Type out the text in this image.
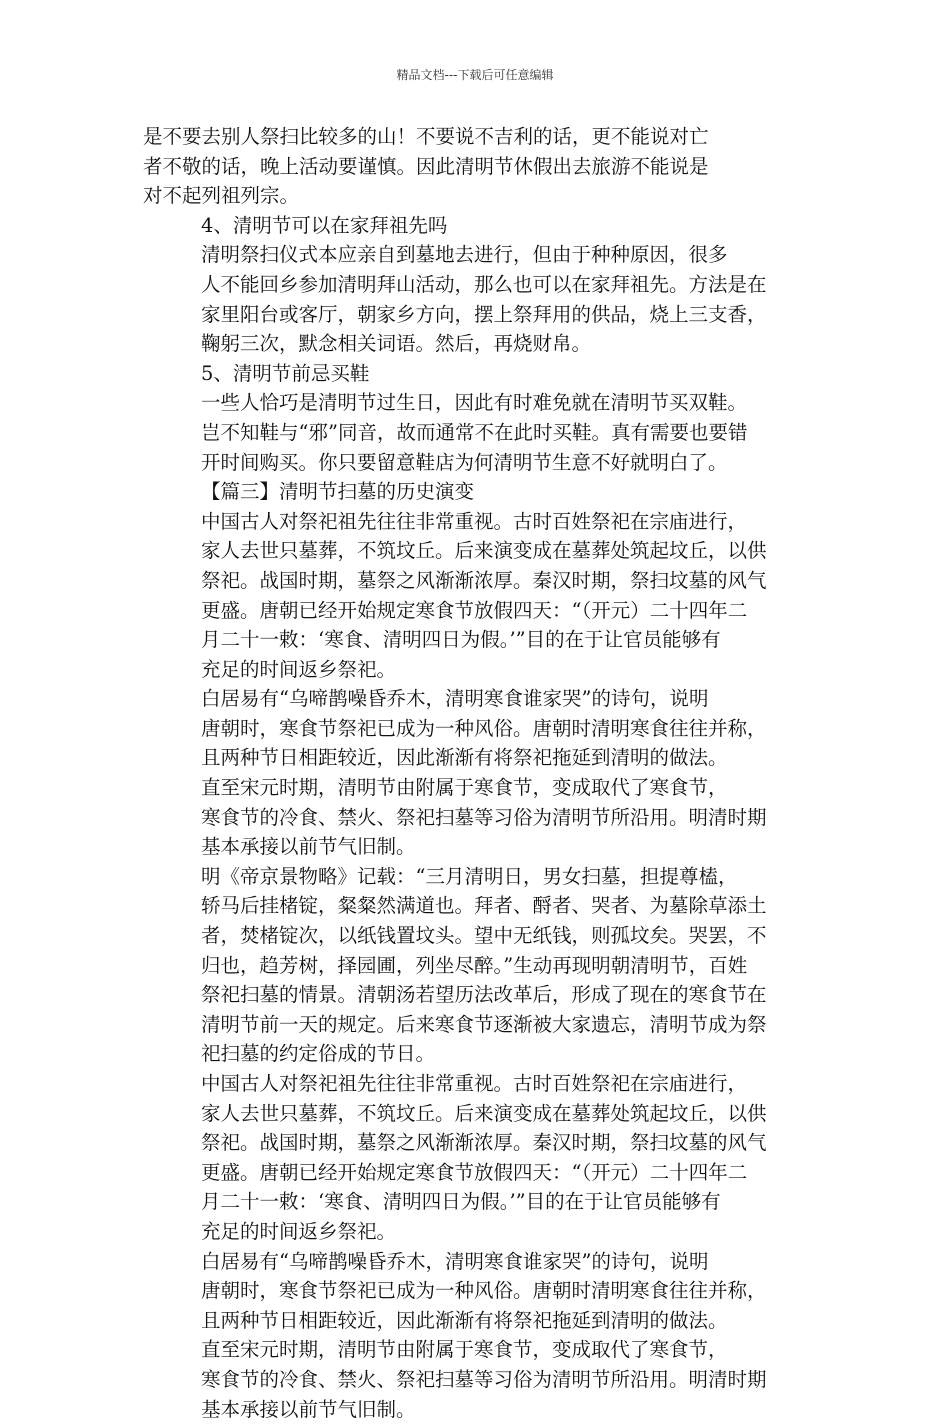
精品文档---下载后可任意编辑

是不要去别人祭扫比较多的山！不要说不吉利的话，更不能说对亡
者不敬的话，晚上活动要谨慎。因此清明节休假出去旅游不能说是
对不起列祖列宗。

4、清明节可以在家拜祖先吗

清明祭扫仪式本应亲自到墓地去进行，但由于种种原因，很多
人不能回乡参加清明拜山活动，那么也可以在家拜祖先。方法是在
家里阳台或客厅，朝家乡方向，摆上祭拜用的供品，烧上三支香，
鞠躬三次，默念相关词语。然后，再烧财帛。

5、清明节前忌买鞋

一些人恰巧是清明节过生日，因此有时难免就在清明节买双鞋。
岂不知鞋与“邪”同音，故而通常不在此时买鞋。真有需要也要错
开时间购买。你只要留意鞋店为何清明节生意不好就明白了。

【篇三】清明节扫墓的历史演变

中国古人对祭祀祖先往往非常重视。古时百姓祭祀在宗庙进行，
家人去世只墓葬，不筑坟丘。后来演变成在墓葬处筑起坟丘，以供
祭祀。战国时期，墓祭之风渐渐浓厚。秦汉时期，祭扫坟墓的风气
更盛。唐朝已经开始规定寒食节放假四天：“（开元）二十四年二
月二十一敕：‘寒食、清明四日为假。’”目的在于让官员能够有
充足的时间返乡祭祀。

白居易有“乌啼鹊噪昏乔木，清明寒食谁家哭”的诗句，说明
唐朝时，寒食节祭祀已成为一种风俗。唐朝时清明寒食往往并称，
且两种节日相距较近，因此渐渐有将祭祀拖延到清明的做法。

直至宋元时期，清明节由附属于寒食节，变成取代了寒食节，
寒食节的冷食、禁火、祭祀扫墓等习俗为清明节所沿用。明清时期
基本承接以前节气旧制。

明《帝京景物略》记载：“三月清明日，男女扫墓，担提尊榼，
轿马后挂楮锭，粲粲然满道也。拜者、酹者、哭者、为墓除草添土
者，焚楮锭次，以纸钱置坟头。望中无纸钱，则孤坟矣。哭罢，不
归也，趋芳树，择园圃，列坐尽醉。”生动再现明朝清明节，百姓
祭祀扫墓的情景。清朝汤若望历法改革后，形成了现在的寒食节在
清明节前一天的规定。后来寒食节逐渐被大家遗忘，清明节成为祭
祀扫墓的约定俗成的节日。

中国古人对祭祀祖先往往非常重视。古时百姓祭祀在宗庙进行，
家人去世只墓葬，不筑坟丘。后来演变成在墓葬处筑起坟丘，以供
祭祀。战国时期，墓祭之风渐渐浓厚。秦汉时期，祭扫坟墓的风气
更盛。唐朝已经开始规定寒食节放假四天：“（开元）二十四年二
月二十一敕：‘寒食、清明四日为假。’”目的在于让官员能够有
充足的时间返乡祭祀。

白居易有“乌啼鹊噪昏乔木，清明寒食谁家哭”的诗句，说明
唐朝时，寒食节祭祀已成为一种风俗。唐朝时清明寒食往往并称，
且两种节日相距较近，因此渐渐有将祭祀拖延到清明的做法。

直至宋元时期，清明节由附属于寒食节，变成取代了寒食节，
寒食节的冷食、禁火、祭祀扫墓等习俗为清明节所沿用。明清时期
基本承接以前节气旧制。
